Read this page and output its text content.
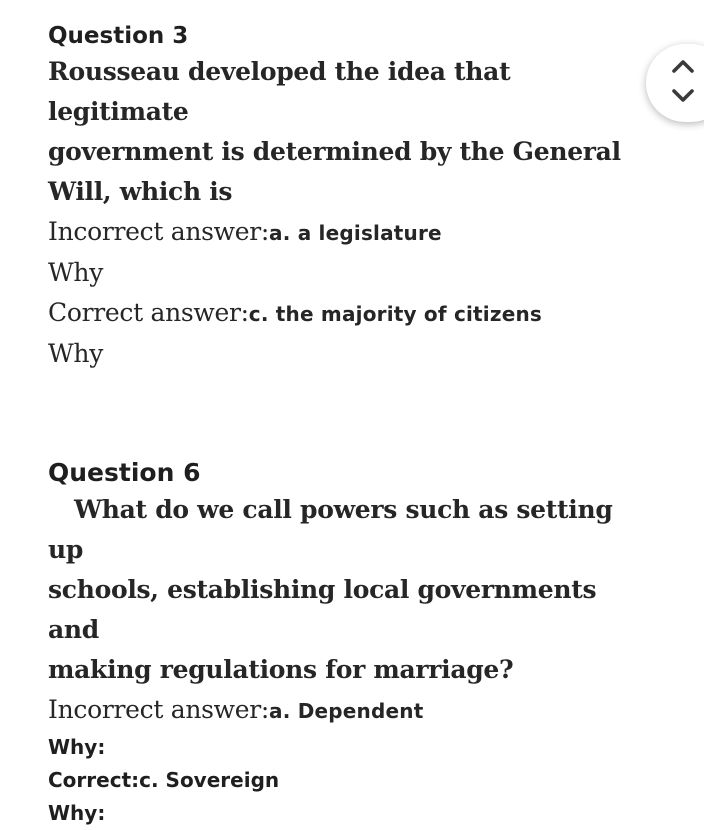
Question 3

Rousseau developed the idea that legitimate

government is determined by the General

Will, which is

Incorrect answer:a. a legislature

Why

Correct answer:c. the majority of citizens

Why

Question 6

What do we call powers such as setting up

schools, establishing local governments and

making regulations for marriage?

Incorrect answer:a. Dependent

Why:

Correct:c. Sovereign

Why:
